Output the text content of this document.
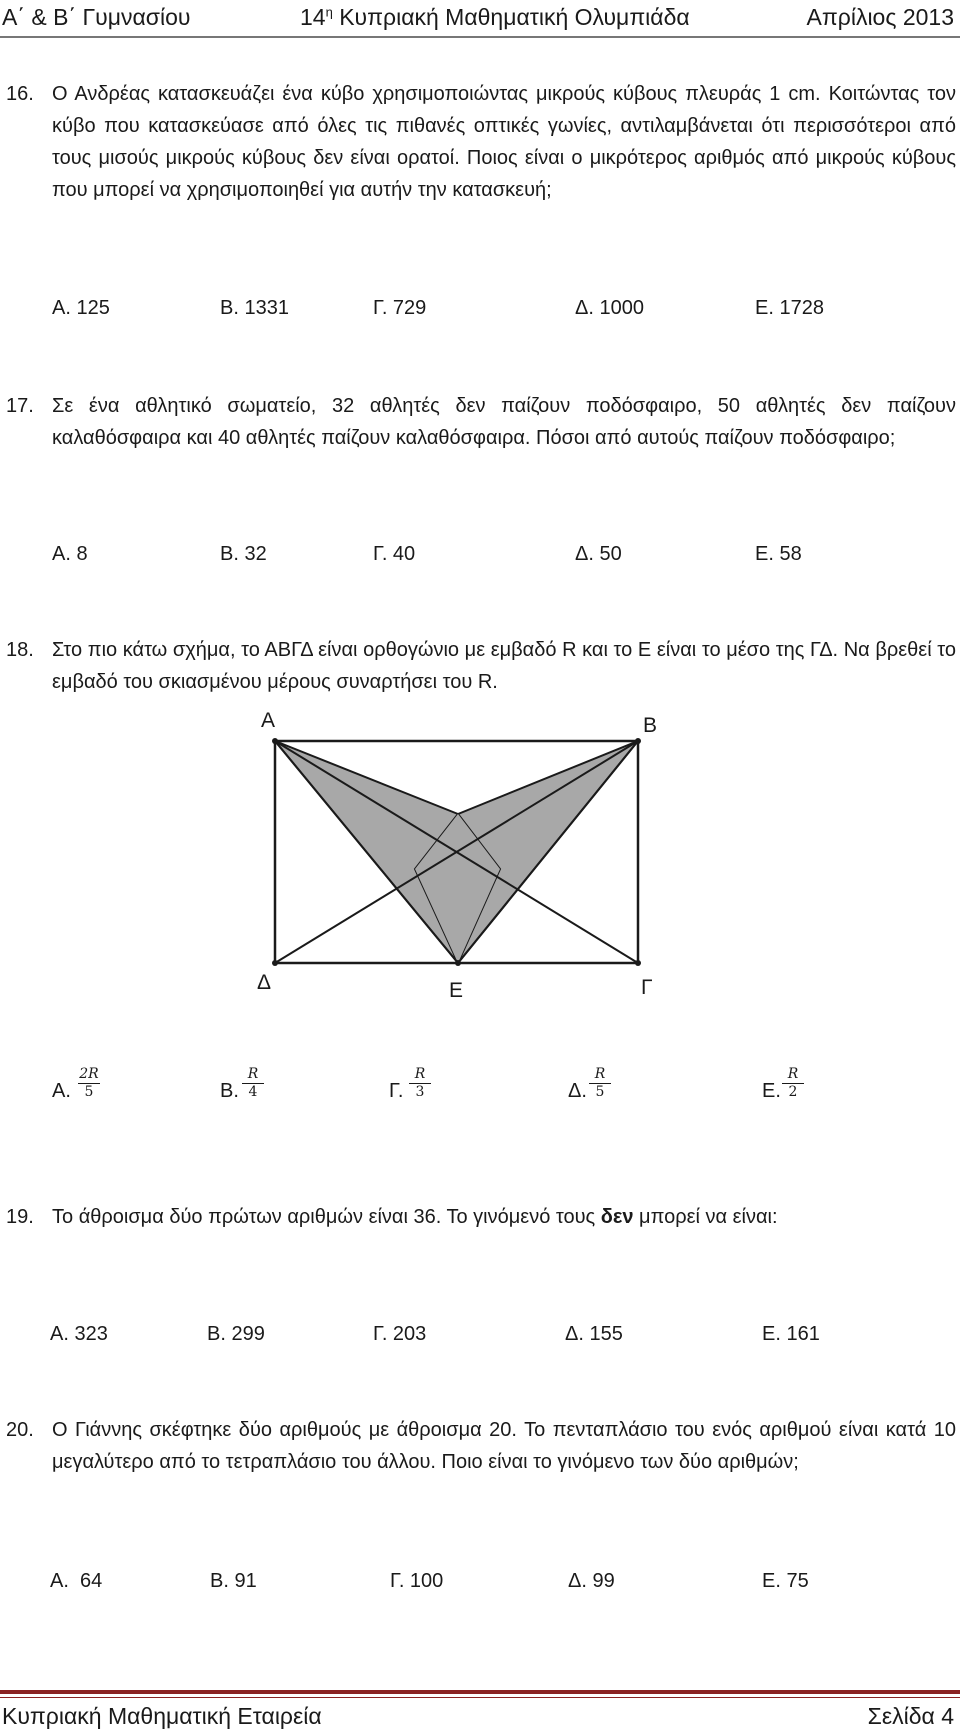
Α΄ & Β΄ Γυμνασίου	$14^\eta$ Κυπριακή Μαθηματική Ολυμπιάδα	Απρίλιος 2013
16. Ο Ανδρέας κατασκευάζει ένα κύβο χρησιμοποιώντας μικρούς κύβους πλευράς 1 cm. Κοιτώντας τον κύβο που κατασκεύασε από όλες τις πιθανές οπτικές γωνίες, αντιλαμβάνεται ότι περισσότεροι από τους μισούς μικρούς κύβους δεν είναι ορατοί. Ποιος είναι ο μικρότερος αριθμός από μικρούς κύβους που μπορεί να χρησιμοποιηθεί για αυτήν την κατασκευή;
Α. 125	Β. 1331	Γ. 729	Δ. 1000	Ε. 1728
17. Σε ένα αθλητικό σωματείο, 32 αθλητές δεν παίζουν ποδόσφαιρο, 50 αθλητές δεν παίζουν καλαθόσφαιρα και 40 αθλητές παίζουν καλαθόσφαιρα. Πόσοι από αυτούς παίζουν ποδόσφαιρο;
Α. 8	Β. 32	Γ. 40	Δ. 50	Ε. 58
18. Στο πιο κάτω σχήμα, το ΑΒΓΔ είναι ορθογώνιο με εμβαδό R και το Ε είναι το μέσο της ΓΔ. Να βρεθεί το εμβαδό του σκιασμένου μέρους συναρτήσει του R.
Α	Β
Γ
Δ	Ε
Α. $\frac{2R}{5}$	Β. $\frac{R}{4}$	Γ. $\frac{R}{3}$	Δ. $\frac{R}{5}$	Ε. $\frac{R}{2}$
19. Το άθροισμα δύο πρώτων αριθμών είναι 36. Το γινόμενό τους δεν μπορεί να είναι:
Α. 323	Β. 299	Γ. 203	Δ. 155	Ε. 161
20. Ο Γιάννης σκέφτηκε δύο αριθμούς με άθροισμα 20. Το πενταπλάσιο του ενός αριθμού είναι κατά 10 μεγαλύτερο από το τετραπλάσιο του άλλου. Ποιο είναι το γινόμενο των δύο αριθμών;
Α.  64	Β. 91	Γ. 100	Δ. 99	Ε. 75
Κυπριακή Μαθηματική Εταιρεία	Σελίδα 4
